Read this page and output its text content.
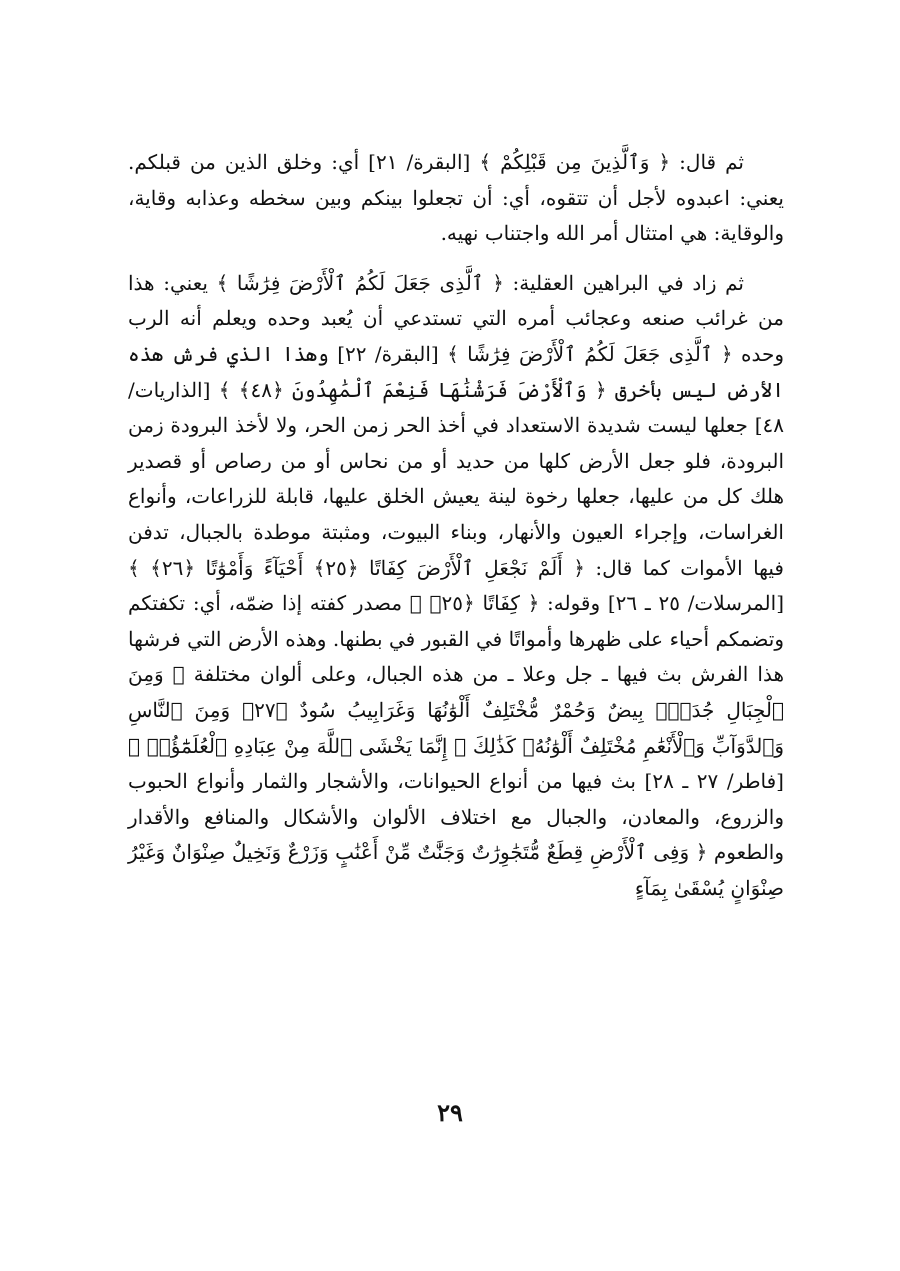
ثم قال: ﴿ وَٱلَّذِينَ مِن قَبْلِكُمْ ﴾ [البقرة/ ٢١] أي: وخلق الذين من قبلكم. يعني: اعبدوه لأجل أن تتقوه، أي: أن تجعلوا بينكم وبين سخطه وعذابه وقاية، والوقاية: هي امتثال أمر الله واجتناب نهيه.

ثم زاد في البراهين العقلية: ﴿ ٱلَّذِى جَعَلَ لَكُمُ ٱلْأَرْضَ فِرَٰشًا ﴾ يعني: هذا من غرائب صنعه وعجائب أمره التي تستدعي أن يُعبد وحده ويعلم أنه الرب وحده ﴿ ٱلَّذِى جَعَلَ لَكُمُ ٱلْأَرْضَ فِرَٰشًا ﴾ [البقرة/ ٢٢] وهذا الذي فرش هذه الأرض ليس بأخرق ﴿ وَٱلْأَرْضَ فَرَشْنَٰهَا فَنِعْمَ ٱلْمَٰهِدُونَ ﴿٤٨﴾ ﴾ [الذاريات/ ٤٨] جعلها ليست شديدة الاستعداد في أخذ الحر زمن الحر، ولا لأخذ البرودة زمن البرودة، فلو جعل الأرض كلها من حديد أو من نحاس أو من رصاص أو قصدير هلك كل من عليها، جعلها رخوة لينة يعيش الخلق عليها، قابلة للزراعات، وأنواع الغراسات، وإجراء العيون والأنهار، وبناء البيوت، ومثبتة موطدة بالجبال، تدفن فيها الأموات كما قال: ﴿ أَلَمْ نَجْعَلِ ٱلْأَرْضَ كِفَاتًا ﴿٢٥﴾ أَحْيَآءً وَأَمْوَٰتًا ﴿٢٦﴾ ﴾ [المرسلات/ ٢٥ ـ ٢٦] وقوله: ﴿ كِفَاتًا ﴿٢٥﴾ ﴾ مصدر كفته إذا ضمّه، أي: تكفتكم وتضمكم أحياء على ظهرها وأمواتًا في القبور في بطنها. وهذه الأرض التي فرشها هذا الفرش بث فيها ـ جل وعلا ـ من هذه الجبال، وعلى ألوان مختلفة ﴿ وَمِنَ ٱلْجِبَالِ جُدَدٌۢ بِيضٌ وَحُمْرٌ مُّخْتَلِفٌ أَلْوَٰنُهَا وَغَرَابِيبُ سُودٌ ﴿٢٧﴾ وَمِنَ ٱلنَّاسِ وَٱلدَّوَآبِّ وَٱلْأَنْعَٰمِ مُخْتَلِفٌ أَلْوَٰنُهُۥ كَذَٰلِكَ ۗ إِنَّمَا يَخْشَى ٱللَّهَ مِنْ عِبَادِهِ ٱلْعُلَمَٰٓؤُا۟ ﴾ [فاطر/ ٢٧ ـ ٢٨] بث فيها من أنواع الحيوانات، والأشجار والثمار وأنواع الحبوب والزروع، والمعادن، والجبال مع اختلاف الألوان والأشكال والمنافع والأقدار والطعوم ﴿ وَفِى ٱلْأَرْضِ قِطَعٌ مُّتَجَٰوِرَٰتٌ وَجَنَّٰتٌ مِّنْ أَعْنَٰبٍ وَزَرْعٌ وَنَخِيلٌ صِنْوَانٌ وَغَيْرُ صِنْوَانٍ يُسْقَىٰ بِمَآءٍ

٢٩
